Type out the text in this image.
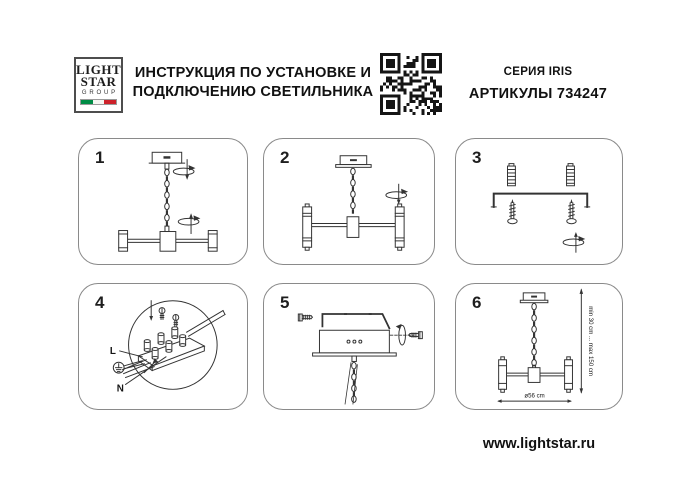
LIGHT
STAR
GROUP
ИНСТРУКЦИЯ ПО УСТАНОВКЕ И
ПОДКЛЮЧЕНИЮ СВЕТИЛЬНИКА
СЕРИЯ IRIS
АРТИКУЛЫ 734247
1	2	3
L
N
4	5
min 30 cm ... max 150 cm
ø56 cm
6
www.lightstar.ru
